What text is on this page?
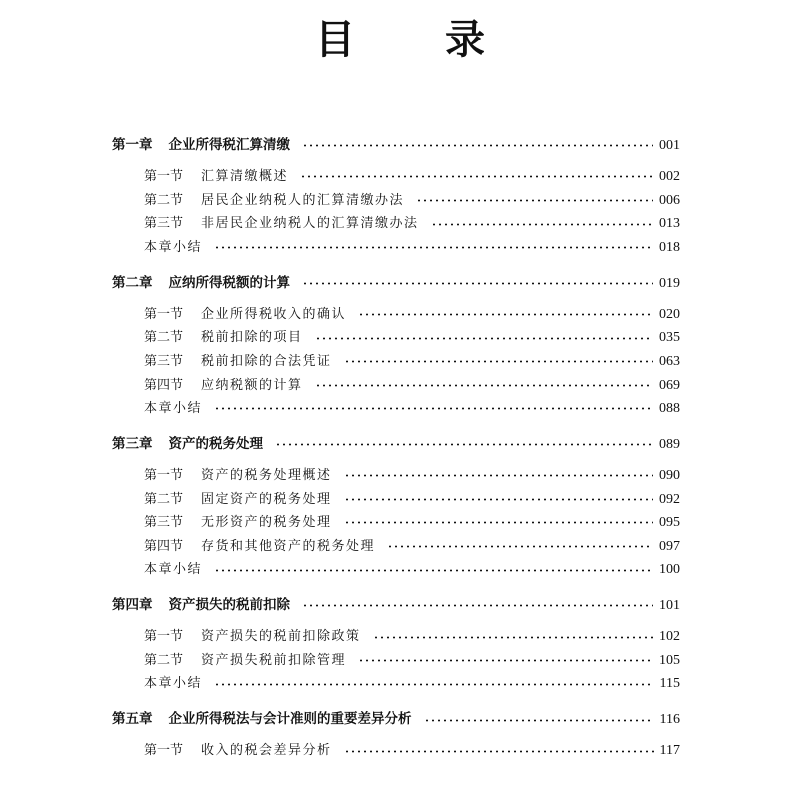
目 录
第一章	企业所得税汇算清缴	001
第一节	汇算清缴概述	002
第二节	居民企业纳税人的汇算清缴办法	006
第三节	非居民企业纳税人的汇算清缴办法	013
本章小结	018
第二章	应纳所得税额的计算	019
第一节	企业所得税收入的确认	020
第二节	税前扣除的项目	035
第三节	税前扣除的合法凭证	063
第四节	应纳税额的计算	069
本章小结	088
第三章	资产的税务处理	089
第一节	资产的税务处理概述	090
第二节	固定资产的税务处理	092
第三节	无形资产的税务处理	095
第四节	存货和其他资产的税务处理	097
本章小结	100
第四章	资产损失的税前扣除	101
第一节	资产损失的税前扣除政策	102
第二节	资产损失税前扣除管理	105
本章小结	115
第五章	企业所得税法与会计准则的重要差异分析	116
第一节	收入的税会差异分析	117
